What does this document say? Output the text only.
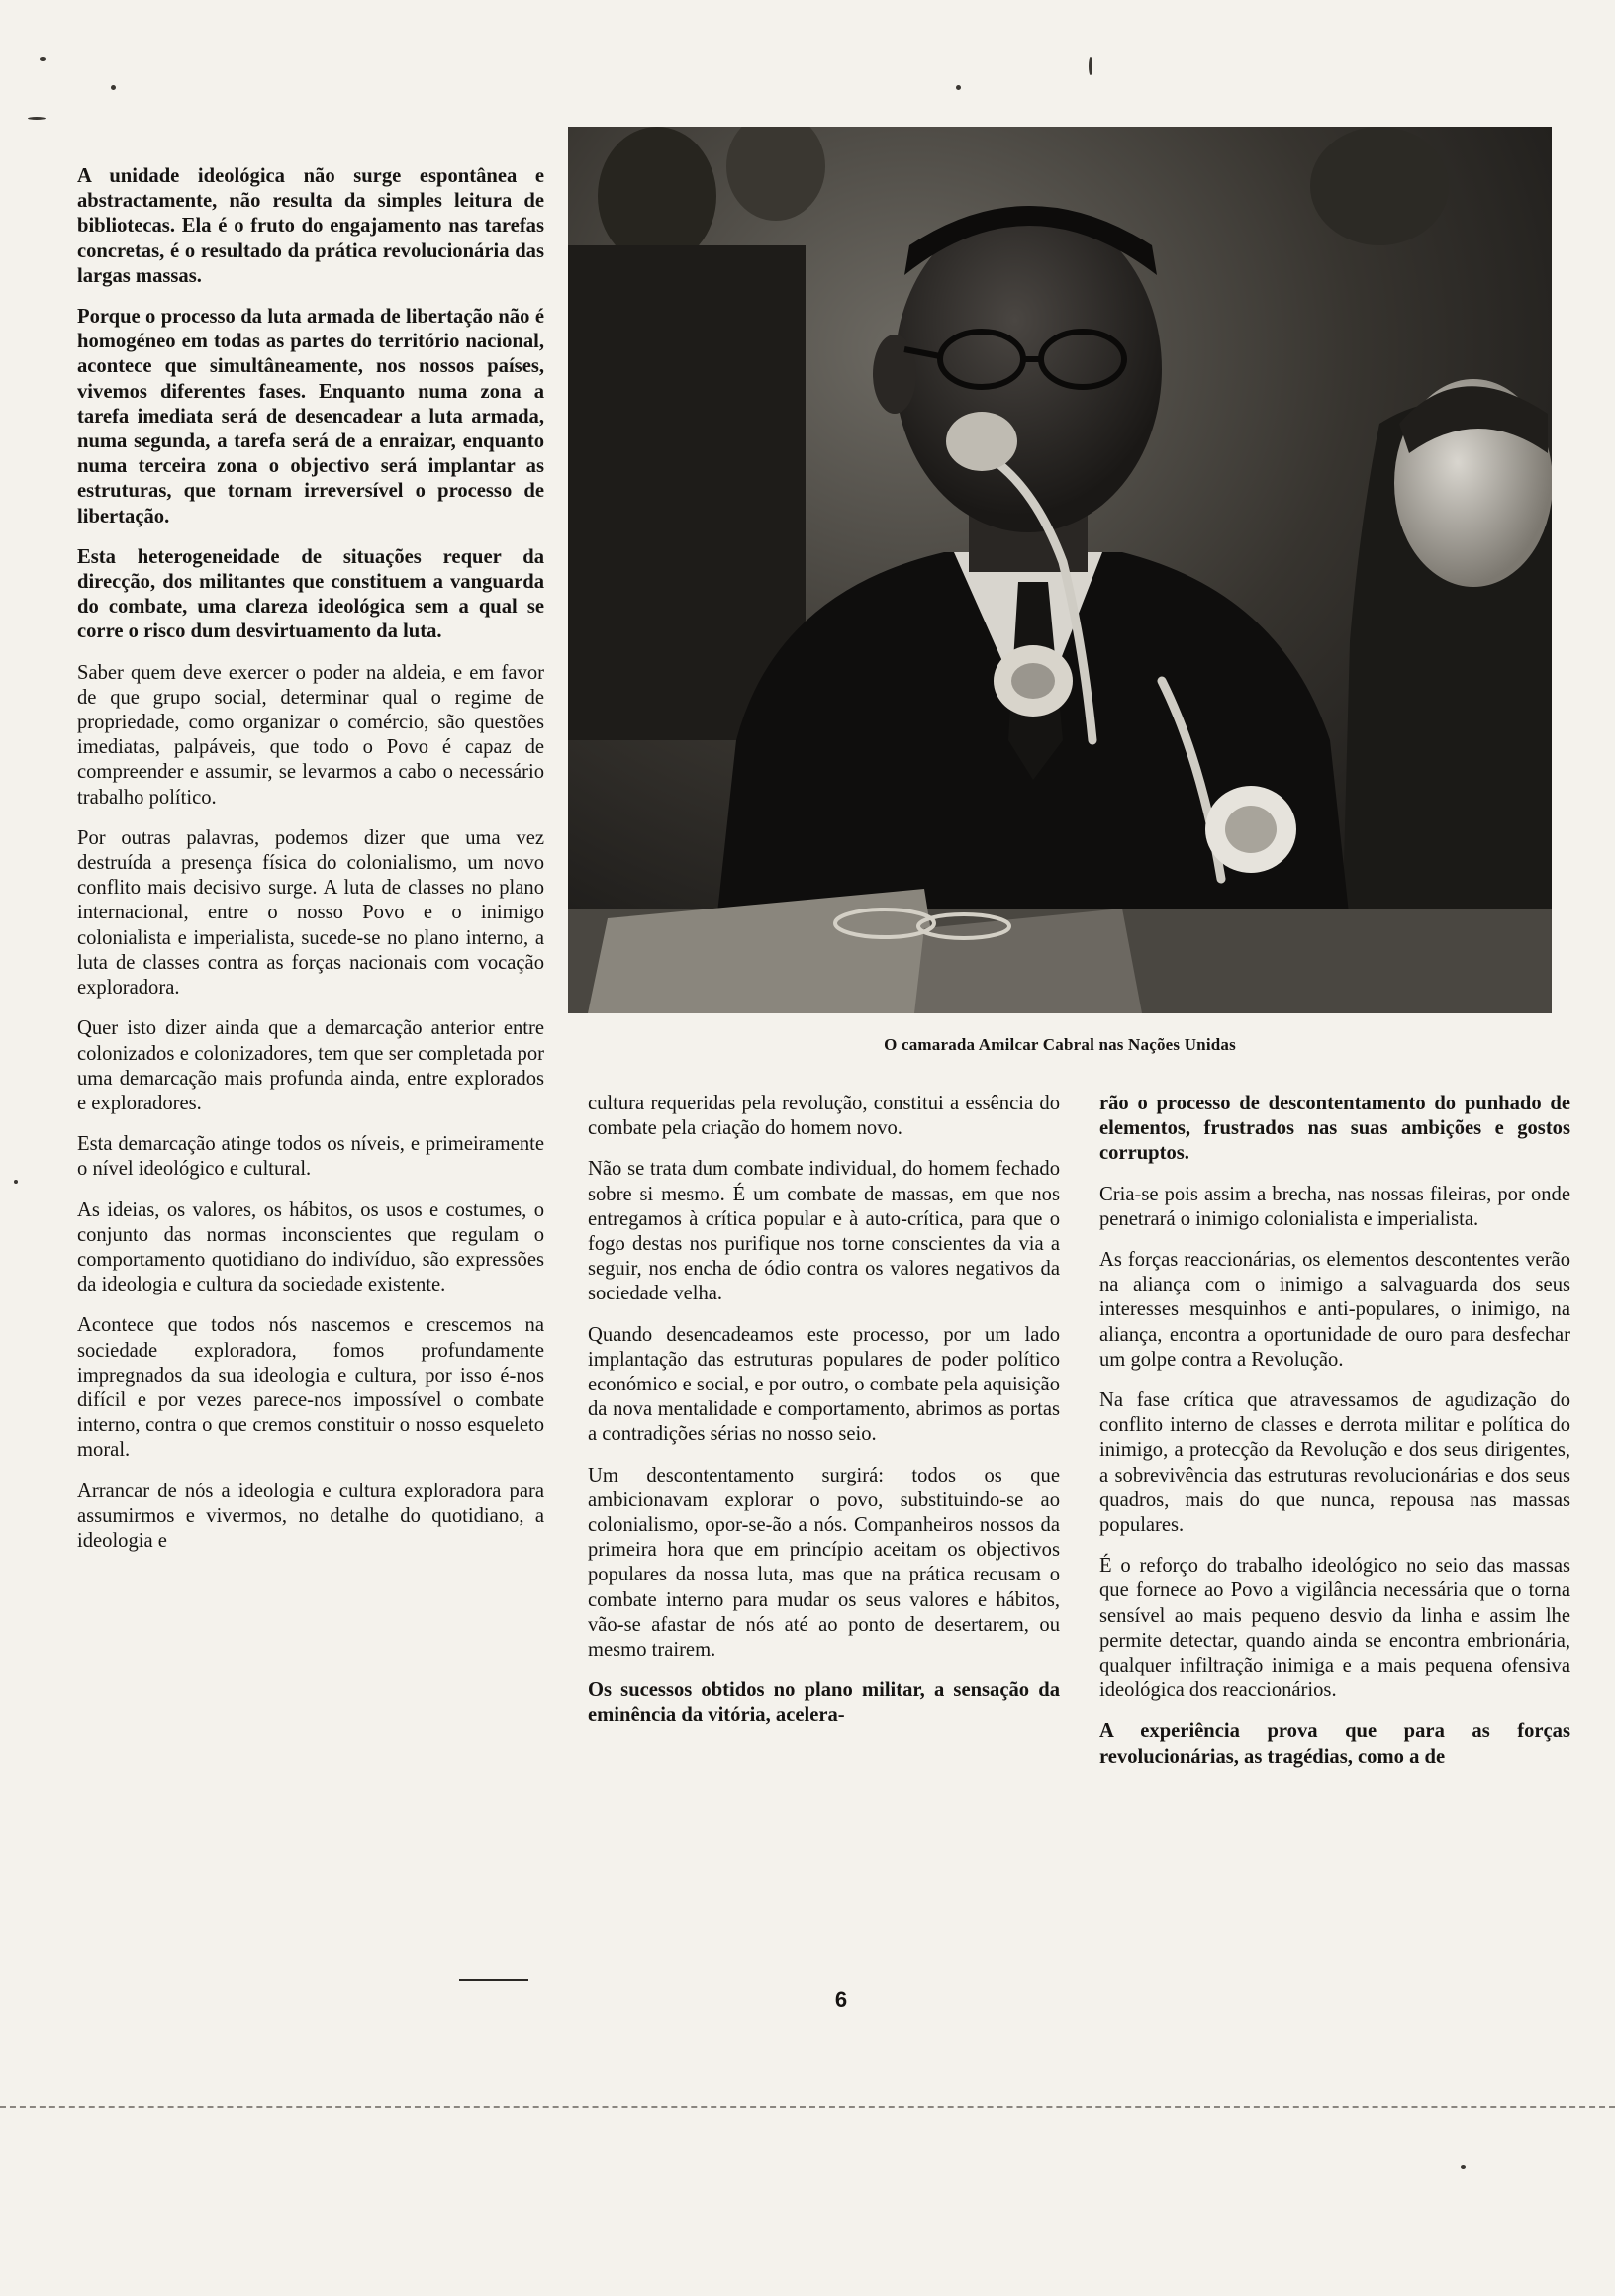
A unidade ideológica não surge espontânea e abstractamente, não resulta da simples leitura de bibliotecas. Ela é o fruto do engajamento nas tarefas concretas, é o resultado da prática revolucionária das largas massas.

Porque o processo da luta armada de libertação não é homogéneo em todas as partes do território nacional, acontece que simultâneamente, nos nossos países, vivemos diferentes fases. Enquanto numa zona a tarefa imediata será de desencadear a luta armada, numa segunda, a tarefa será de a enraizar, enquanto numa terceira zona o objectivo será implantar as estruturas, que tornam irreversível o processo de libertação.

Esta heterogeneidade de situações requer da direcção, dos militantes que constituem a vanguarda do combate, uma clareza ideológica sem a qual se corre o risco dum desvirtuamento da luta.

Saber quem deve exercer o poder na aldeia, e em favor de que grupo social, determinar qual o regime de propriedade, como organizar o comércio, são questões imediatas, palpáveis, que todo o Povo é capaz de compreender e assumir, se levarmos a cabo o necessário trabalho político.

Por outras palavras, podemos dizer que uma vez destruída a presença física do colonialismo, um novo conflito mais decisivo surge. A luta de classes no plano internacional, entre o nosso Povo e o inimigo colonialista e imperialista, sucede-se no plano interno, a luta de classes contra as forças nacionais com vocação exploradora.

Quer isto dizer ainda que a demarcação anterior entre colonizados e colonizadores, tem que ser completada por uma demarcação mais profunda ainda, entre explorados e exploradores.

Esta demarcação atinge todos os níveis, e primeiramente o nível ideológico e cultural.

As ideias, os valores, os hábitos, os usos e costumes, o conjunto das normas inconscientes que regulam o comportamento quotidiano do indivíduo, são expressões da ideologia e cultura da sociedade existente.

Acontece que todos nós nascemos e crescemos na sociedade exploradora, fomos profundamente impregnados da sua ideologia e cultura, por isso é-nos difícil e por vezes parece-nos impossível o combate interno, contra o que cremos constituir o nosso esqueleto moral.

Arrancar de nós a ideologia e cultura exploradora para assumirmos e vivermos, no detalhe do quotidiano, a ideologia e

O camarada Amilcar Cabral nas Nações Unidas

cultura requeridas pela revolução, constitui a essência do combate pela criação do homem novo.

Não se trata dum combate individual, do homem fechado sobre si mesmo. É um combate de massas, em que nos entregamos à crítica popular e à auto-crítica, para que o fogo destas nos purifique nos torne conscientes da via a seguir, nos encha de ódio contra os valores negativos da sociedade velha.

Quando desencadeamos este processo, por um lado implantação das estruturas populares de poder político económico e social, e por outro, o combate pela aquisição da nova mentalidade e comportamento, abrimos as portas a contradições sérias no nosso seio.

Um descontentamento surgirá: todos os que ambicionavam explorar o povo, substituindo-se ao colonialismo, opor-se-ão a nós. Companheiros nossos da primeira hora que em princípio aceitam os objectivos populares da nossa luta, mas que na prática recusam o combate interno para mudar os seus valores e hábitos, vão-se afastar de nós até ao ponto de desertarem, ou mesmo trairem.

Os sucessos obtidos no plano militar, a sensação da eminência da vitória, acelera-

rão o processo de descontentamento do punhado de elementos, frustrados nas suas ambições e gostos corruptos.

Cria-se pois assim a brecha, nas nossas fileiras, por onde penetrará o inimigo colonialista e imperialista.

As forças reaccionárias, os elementos descontentes verão na aliança com o inimigo a salvaguarda dos seus interesses mesquinhos e anti-populares, o inimigo, na aliança, encontra a oportunidade de ouro para desfechar um golpe contra a Revolução.

Na fase crítica que atravessamos de agudização do conflito interno de classes e derrota militar e política do inimigo, a protecção da Revolução e dos seus dirigentes, a sobrevivência das estruturas revolucionárias e dos seus quadros, mais do que nunca, repousa nas massas populares.

É o reforço do trabalho ideológico no seio das massas que fornece ao Povo a vigilância necessária que o torna sensível ao mais pequeno desvio da linha e assim lhe permite detectar, quando ainda se encontra embrionária, qualquer infiltração inimiga e a mais pequena ofensiva ideológica dos reaccionários.

A experiência prova que para as forças revolucionárias, as tragédias, como a de

6
